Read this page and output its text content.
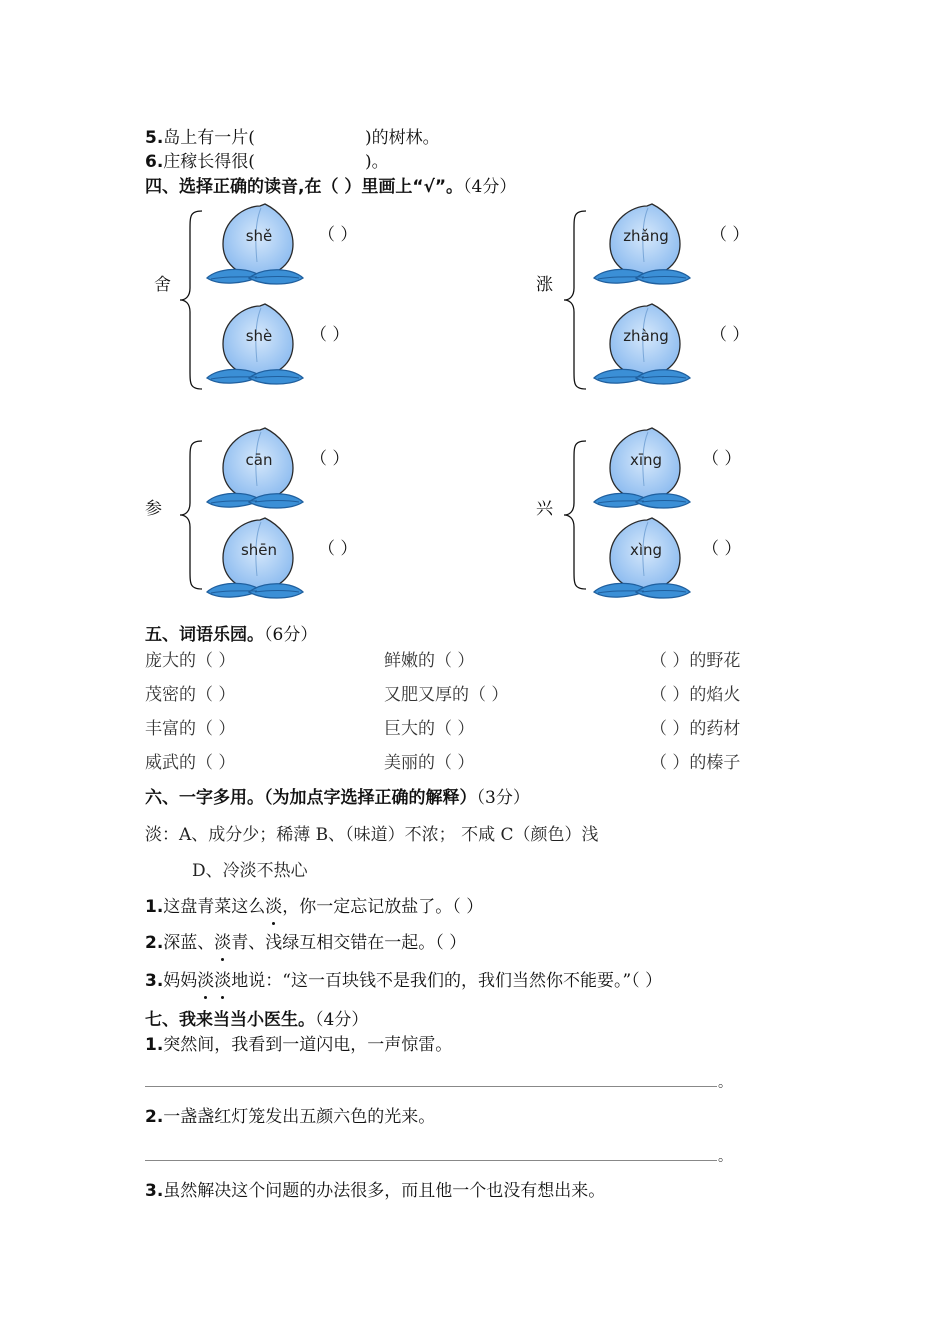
5.岛上有一片(	)的树林。
6.庄稼长得很(	)。
四、选择正确的读音,在（ ）里画上“√”。（4分）
舍
shě	（ ）
shè	（ ）
涨
zhǎng	（ ）
zhàng	（ ）
参
cān	（ ）
shēn	（ ）
兴
xīng	（ ）
xìng	（ ）
五、词语乐园。（6分）
庞大的（ ）	鲜嫩的（ ）	（ ）的野花
茂密的（ ）	又肥又厚的（ ）	（ ）的焰火
丰富的（ ）	巨大的（ ）	（ ）的药材
威武的（ ）	美丽的（ ）	（ ）的榛子
六、一字多用。（为加点字选择正确的解释）（3分）
淡：A、成分少；稀薄 B、（味道）不浓； 不咸 C（颜色）浅
D、冷淡不热心
1.这盘青菜这么淡，你一定忘记放盐了。（ ）
2.深蓝、淡青、浅绿互相交错在一起。（ ）
3.妈妈淡淡地说：“这一百块钱不是我们的，我们当然你不能要。”（ ）
七、我来当当小医生。（4分）
1.突然间，我看到一道闪电，一声惊雷。
。
2.一盏盏红灯笼发出五颜六色的光来。
。
3.虽然解决这个问题的办法很多，而且他一个也没有想出来。
